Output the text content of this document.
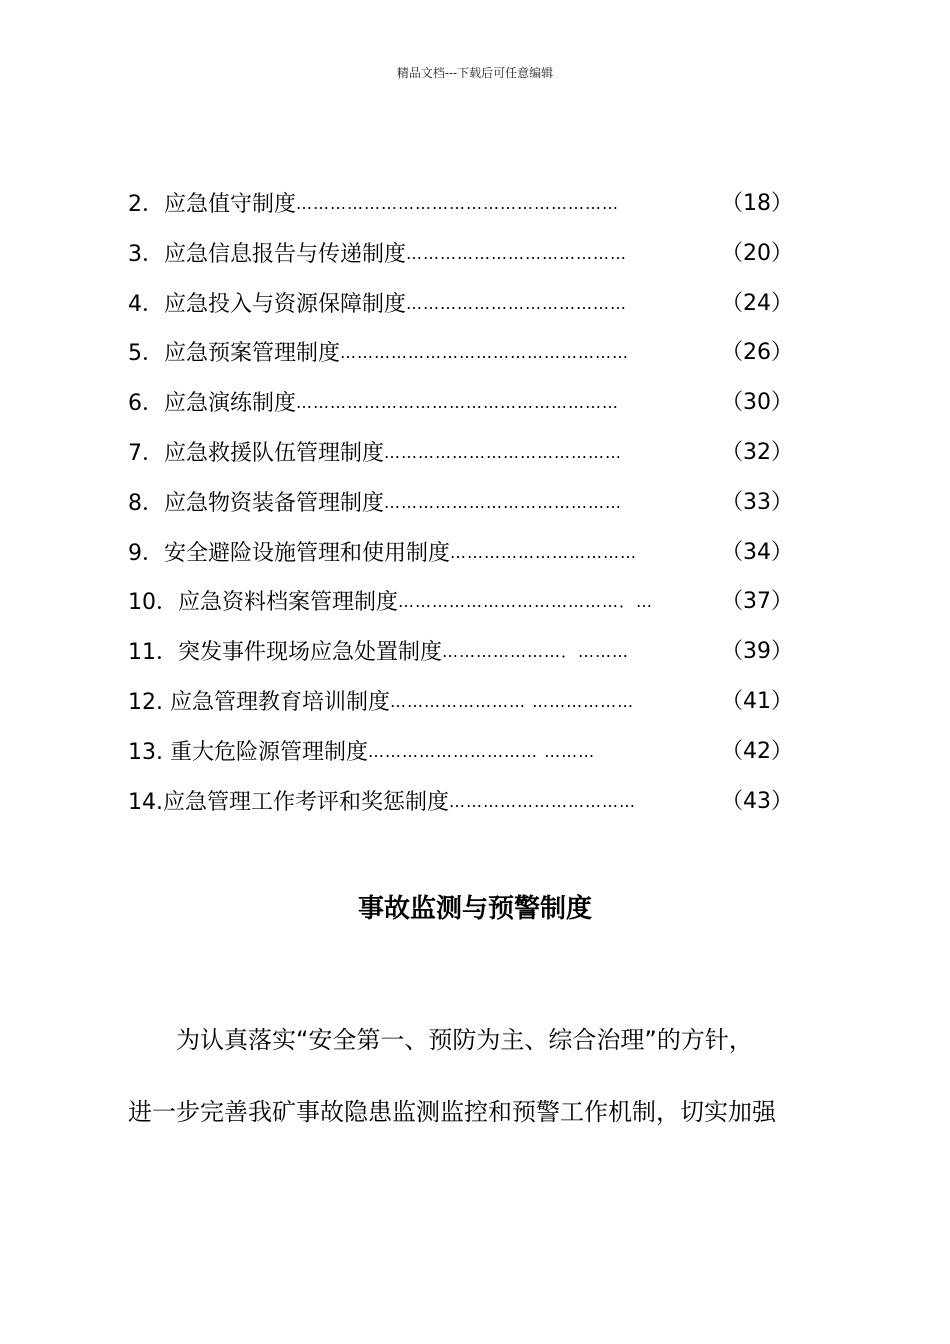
精品文档---下载后可任意编辑
2．应急值守制度…………………………………………………	（18）
3．应急信息报告与传递制度…………………………………	（20）
4．应急投入与资源保障制度…………………………………	（24）
5．应急预案管理制度……………………………………………	（26）
6．应急演练制度…………………………………………………	（30）
7．应急救援队伍管理制度……………………………………	（32）
8．应急物资装备管理制度……………………………………	（33）
9．安全避险设施管理和使用制度……………………………	（34）
10．应急资料档案管理制度…………………………………．…	（37）
11．突发事件现场应急处置制度…………………．………	（39）
12. 应急管理教育培训制度…………………… ………………	（41）
13. 重大危险源管理制度………………………… ………	（42）
14.应急管理工作考评和奖惩制度……………………………	（43）
事故监测与预警制度
为认真落实“安全第一、预防为主、综合治理”的方针，
进一步完善我矿事故隐患监测监控和预警工作机制，切实加强
